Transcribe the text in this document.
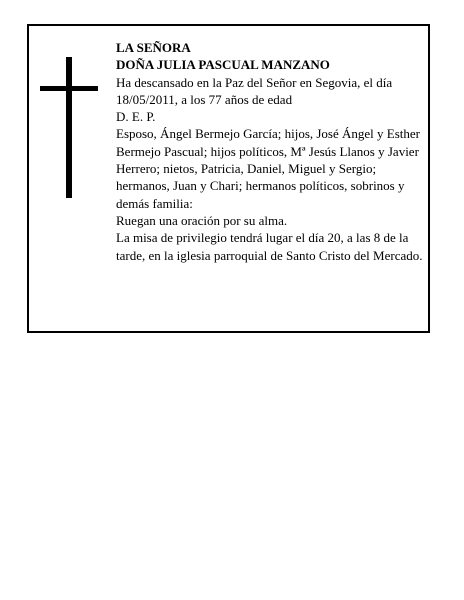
LA SEÑORA

DOÑA JULIA PASCUAL MANZANO

Ha descansado en la Paz del Señor en Segovia, el día 18/05/2011, a los 77 años de edad

D. E. P.

Esposo, Ángel Bermejo García; hijos, José Ángel y Esther Bermejo Pascual; hijos políticos, Mª Jesús Llanos y Javier Herrero; nietos, Patricia, Daniel, Miguel y Sergio; hermanos, Juan y Chari; hermanos políticos, sobrinos y demás familia:

Ruegan una oración por su alma.

La misa de privilegio tendrá lugar el día 20, a las 8 de la tarde, en la iglesia parroquial de Santo Cristo del Mercado.
